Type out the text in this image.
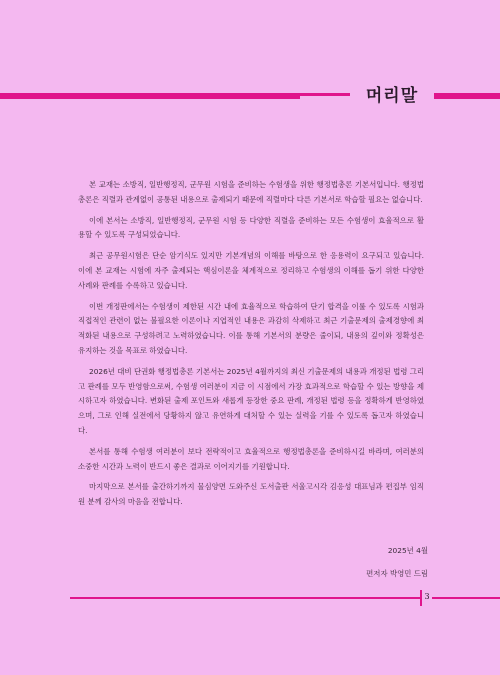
머리말

본 교재는 소방직, 일반행정직, 군무원 시험을 준비하는 수험생을 위한 행정법총론 기본서입니다. 행정법총론은 직렬과 관계없이 공통된 내용으로 출제되기 때문에 직렬마다 다른 기본서로 학습할 필요는 없습니다.

이에 본서는 소방직, 일반행정직, 군무원 시험 등 다양한 직렬을 준비하는 모든 수험생이 효율적으로 활용할 수 있도록 구성되었습니다.

최근 공무원시험은 단순 암기식도 있지만 기본개념의 이해를 바탕으로 한 응용력이 요구되고 있습니다. 이에 본 교재는 시험에 자주 출제되는 핵심이론을 체계적으로 정리하고 수험생의 이해를 돕기 위한 다양한 사례와 판례를 수록하고 있습니다.

이번 개정판에서는 수험생이 제한된 시간 내에 효율적으로 학습하여 단기 합격을 이룰 수 있도록 시험과 직접적인 관련이 없는 불필요한 이론이나 지엽적인 내용은 과감히 삭제하고 최근 기출문제의 출제경향에 최적화된 내용으로 구성하려고 노력하였습니다. 이를 통해 기본서의 분량은 줄이되, 내용의 깊이와 정확성은 유지하는 것을 목표로 하였습니다.

2026년 대비 단권화 행정법총론 기본서는 2025년 4월까지의 최신 기출문제의 내용과 개정된 법령 그리고 판례를 모두 반영함으로써, 수험생 여러분이 지금 이 시점에서 가장 효과적으로 학습할 수 있는 방향을 제시하고자 하였습니다. 변화된 출제 포인트와 새롭게 등장한 중요 판례, 개정된 법령 등을 정확하게 반영하였으며, 그로 인해 실전에서 당황하지 않고 유연하게 대처할 수 있는 실력을 기를 수 있도록 돕고자 하였습니다.

본서를 통해 수험생 여러분이 보다 전략적이고 효율적으로 행정법총론을 준비하시길 바라며, 여러분의 소중한 시간과 노력이 반드시 좋은 결과로 이어지기를 기원합니다.

마지막으로 본서를 출간하기까지 물심양면 도와주신 도서출판 서울고시각 김응성 대표님과 편집부 임직원 분께 감사의 마음을 전합니다.

2025년 4월
편저자 박영민 드림
3
